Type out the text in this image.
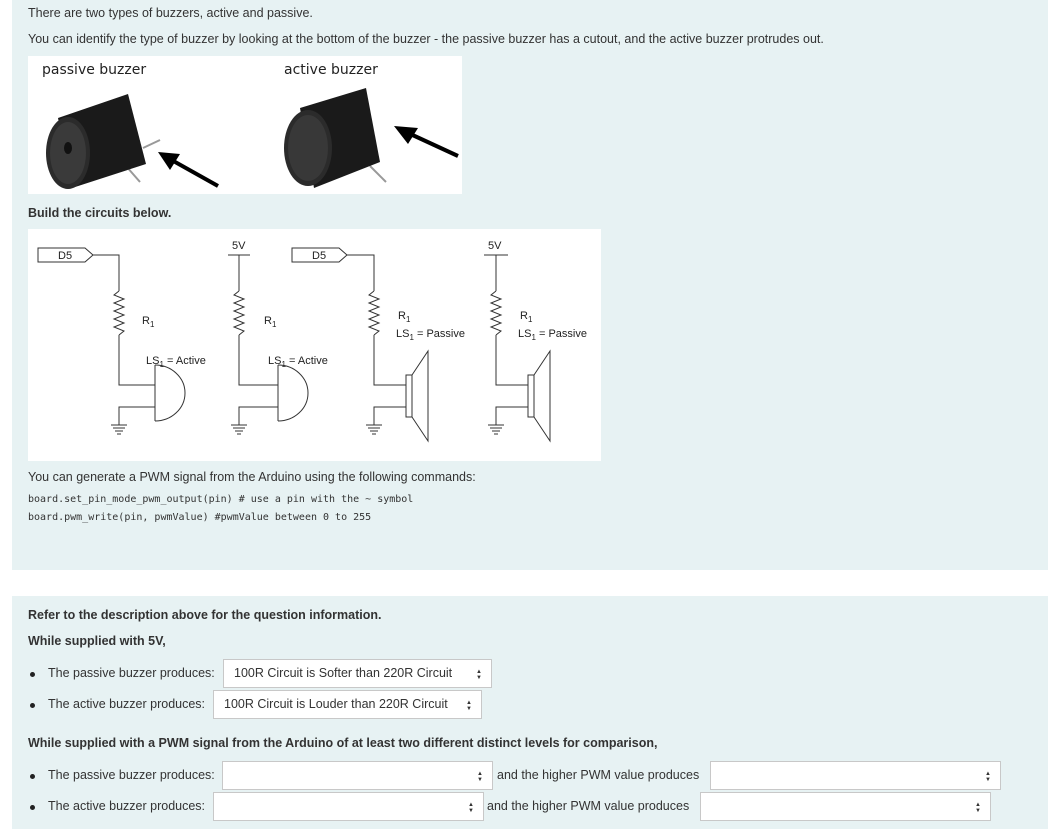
There are two types of buzzers, active and passive.
You can identify the type of buzzer by looking at the bottom of the buzzer - the passive buzzer has a cutout, and the active buzzer protrudes out.
passive buzzer	active buzzer
Build the circuits below.
D5
5V
D5
5V
$R_1$	$R_1$
$R_1$	$R_1$
$LS_1$ = Active	$LS_1$ = Active
$LS_1$ = Passive	$LS_1$ = Passive
You can generate a PWM signal from the Arduino using the following commands:
board.set_pin_mode_pwm_output(pin) # use a pin with the ~ symbol
board.pwm_write(pin, pwmValue) #pwmValue between 0 to 255
Refer to the description above for the question information.
While supplied with 5V,
The passive buzzer produces:	100R Circuit is Softer than 220R Circuit	▲
▼
The active buzzer produces:	100R Circuit is Louder than 220R Circuit	▲
▼
While supplied with a PWM signal from the Arduino of at least two different distinct levels for comparison,
The passive buzzer produces:	▲
▼ and the higher PWM value produces	▲
▼
The active buzzer produces:	▲
▼ and the higher PWM value produces	▲
▼
